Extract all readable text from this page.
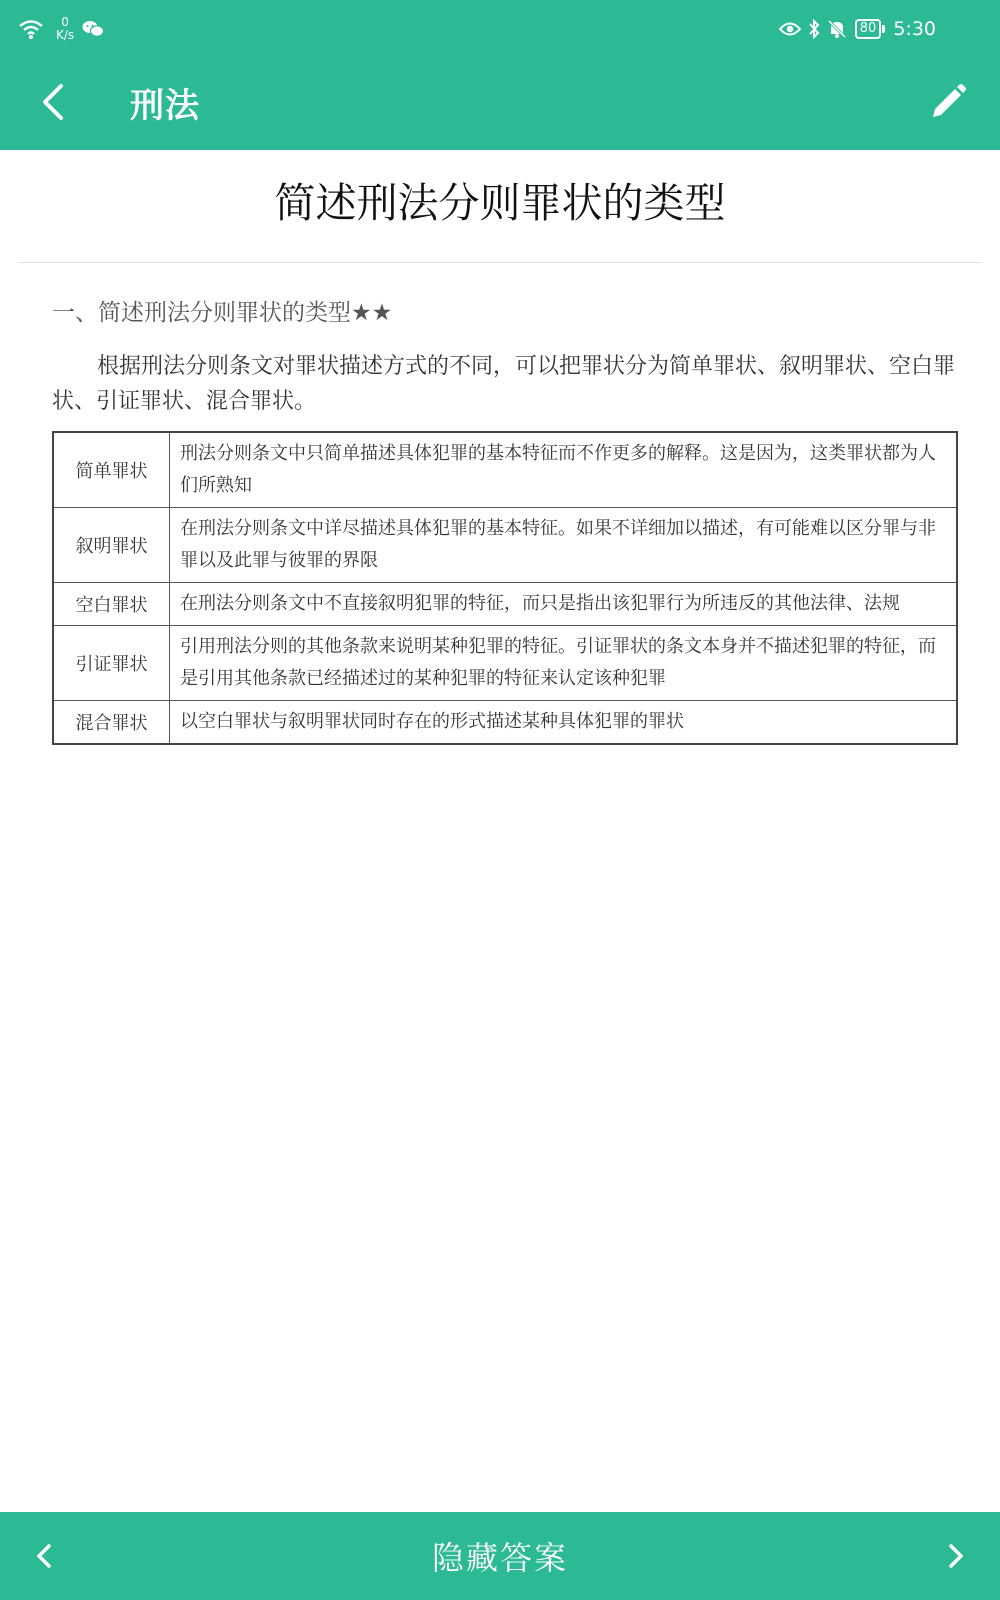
0
K/s	80 5:30
刑法
简述刑法分则罪状的类型
一、简述刑法分则罪状的类型★★
根据刑法分则条文对罪状描述方式的不同，可以把罪状分为简单罪状、叙明罪状、空白罪状、引证罪状、混合罪状。
简单罪状	刑法分则条文中只简单描述具体犯罪的基本特征而不作更多的解释。这是因为，这类罪状都为人们所熟知
叙明罪状	在刑法分则条文中详尽描述具体犯罪的基本特征。如果不详细加以描述，有可能难以区分罪与非罪以及此罪与彼罪的界限
空白罪状	在刑法分则条文中不直接叙明犯罪的特征，而只是指出该犯罪行为所违反的其他法律、法规
引证罪状	引用刑法分则的其他条款来说明某种犯罪的特征。引证罪状的条文本身并不描述犯罪的特征，而是引用其他条款已经描述过的某种犯罪的特征来认定该种犯罪
混合罪状	以空白罪状与叙明罪状同时存在的形式描述某种具体犯罪的罪状
隐藏答案
